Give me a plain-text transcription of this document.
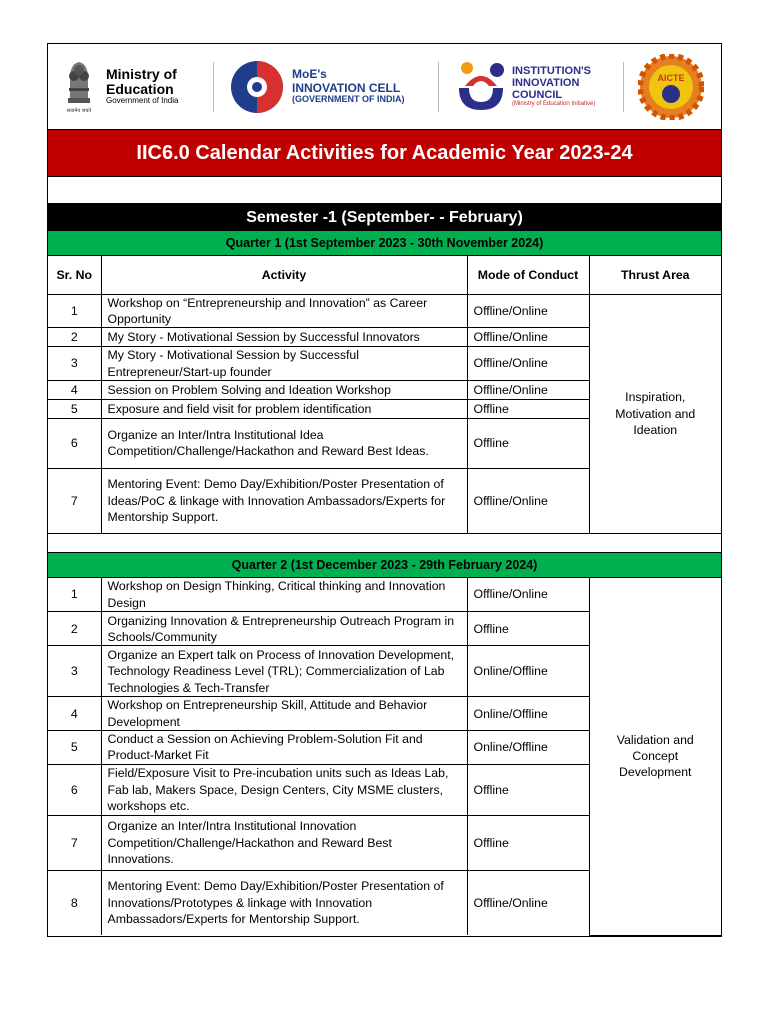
सत्यमेव जयते
Ministry of
Education
Government of India
MoE's
INNOVATION CELL
(GOVERNMENT OF INDIA)
INSTITUTION'S
INNOVATION
COUNCIL
(Ministry of Education Initiative)
AICTE
IIC6.0 Calendar Activities for Academic Year 2023-24
Semester -1 (September- - February)
Quarter 1 (1st September 2023 - 30th November 2024)
Sr. No	Activity	Mode of Conduct	Thrust Area
1	Workshop on “Entrepreneurship and Innovation” as Career Opportunity	Offline/Online	Inspiration, Motivation and Ideation
2	My Story - Motivational Session by Successful Innovators	Offline/Online	
3	My Story - Motivational Session by Successful Entrepreneur/Start-up founder	Offline/Online	
4	Session on Problem Solving and Ideation Workshop	Offline/Online	
5	Exposure and field visit for problem identification	Offline	
6	Organize an Inter/Intra Institutional Idea Competition/Challenge/Hackathon and Reward Best Ideas.	Offline	
7	Mentoring Event: Demo Day/Exhibition/Poster Presentation of Ideas/PoC & linkage with Innovation Ambassadors/Experts for Mentorship Support.	Offline/Online	
Quarter 2 (1st December 2023 - 29th February 2024)
1	Workshop on Design Thinking, Critical thinking and Innovation Design	Offline/Online	Validation and Concept Development
2	Organizing Innovation & Entrepreneurship Outreach Program in Schools/Community	Offline	
3	Organize an Expert talk on Process of Innovation Development, Technology Readiness Level (TRL); Commercialization of Lab Technologies & Tech-Transfer	Online/Offline	
4	Workshop on Entrepreneurship Skill, Attitude and Behavior Development	Online/Offline	
5	Conduct a Session on Achieving Problem-Solution Fit and Product-Market Fit	Online/Offline	
6	Field/Exposure Visit to Pre-incubation units such as Ideas Lab, Fab lab, Makers Space, Design Centers, City MSME clusters, workshops etc.	Offline	
7	Organize an Inter/Intra Institutional Innovation Competition/Challenge/Hackathon and Reward Best Innovations.	Offline	
8	Mentoring Event: Demo Day/Exhibition/Poster Presentation of Innovations/Prototypes & linkage with Innovation Ambassadors/Experts for Mentorship Support.	Offline/Online	
